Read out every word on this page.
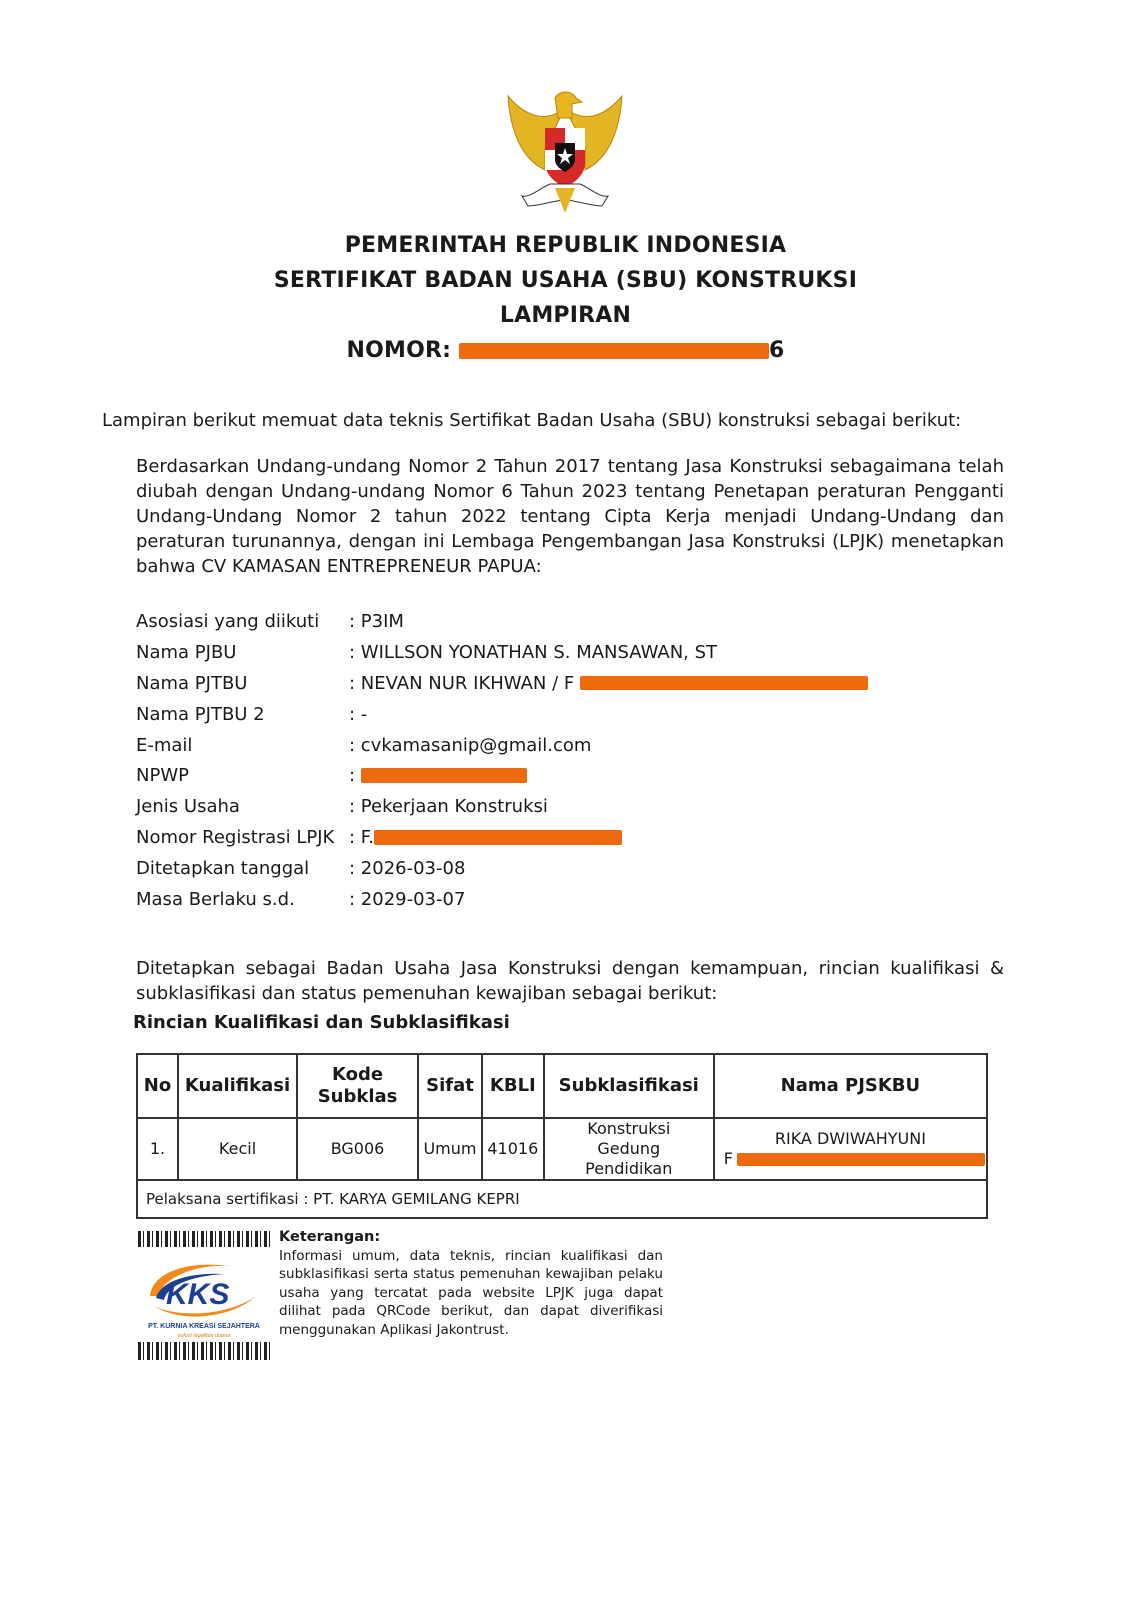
PEMERINTAH REPUBLIK INDONESIA
SERTIFIKAT BADAN USAHA (SBU) KONSTRUKSI
LAMPIRAN
NOMOR:	6
Lampiran berikut memuat data teknis Sertifikat Badan Usaha (SBU) konstruksi sebagai berikut:
Berdasarkan Undang-undang Nomor 2 Tahun 2017 tentang Jasa Konstruksi sebagaimana telah diubah dengan Undang-undang Nomor 6 Tahun 2023 tentang Penetapan peraturan Pengganti Undang-Undang Nomor 2 tahun 2022 tentang Cipta Kerja menjadi Undang-Undang dan peraturan turunannya, dengan ini Lembaga Pengembangan Jasa Konstruksi (LPJK) menetapkan bahwa CV KAMASAN ENTREPRENEUR PAPUA:
Asosiasi yang diikuti	: P3IM
Nama PJBU	: WILLSON YONATHAN S. MANSAWAN, ST
Nama PJTBU	: NEVAN NUR IKHWAN / F
Nama PJTBU 2	: -
E-mail	: cvkamasanip@gmail.com
NPWP	:
Jenis Usaha	: Pekerjaan Konstruksi
Nomor Registrasi LPJK : F.
Ditetapkan tanggal	: 2026-03-08
Masa Berlaku s.d.	: 2029-03-07
Ditetapkan sebagai Badan Usaha Jasa Konstruksi dengan kemampuan, rincian kualifikasi & subklasifikasi dan status pemenuhan kewajiban sebagai berikut:
Rincian Kualifikasi dan Subklasifikasi
No	Kualifikasi	Kode Subklas	Sifat	KBLI	Subklasifikasi	Nama PJSKBU
1.	Kecil	BG006	Umum	41016	Konstruksi Gedung Pendidikan	RIKA DWIWAHYUNI
F

Pelaksana sertifikasi : PT. KARYA GEMILANG KEPRI						
KKS
PT. KURNIA KREASI SEJAHTERA
solusi legalitas utama
Keterangan:
Informasi umum, data teknis, rincian kualifikasi dan subklasifikasi serta status pemenuhan kewajiban pelaku usaha yang tercatat pada website LPJK juga dapat dilihat pada QRCode berikut, dan dapat diverifikasi menggunakan Aplikasi Jakontrust.
